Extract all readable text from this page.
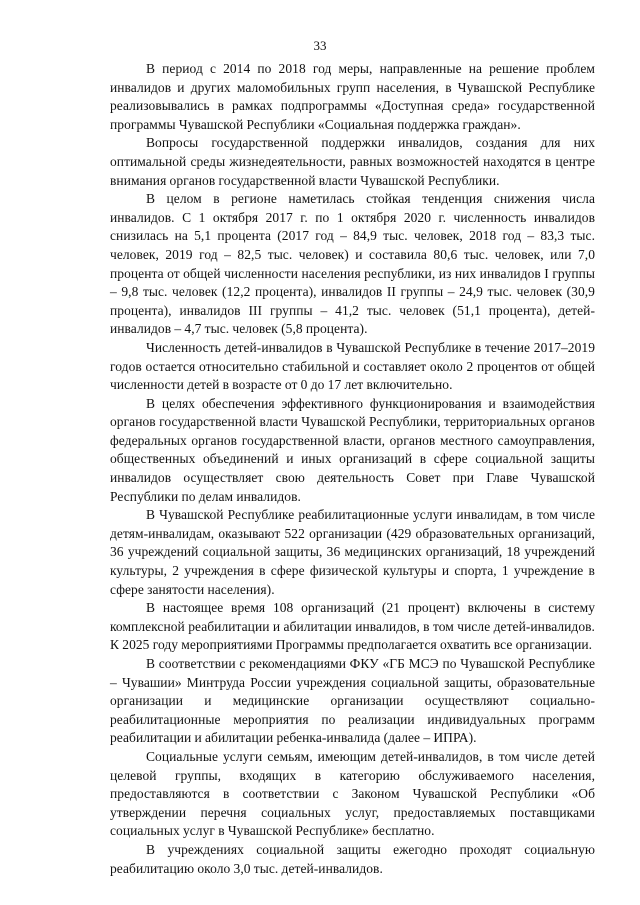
33

В период с 2014 по 2018 год меры, направленные на решение проблем инвалидов и других маломобильных групп населения, в Чувашской Республике реализовывались в рамках подпрограммы «Доступная среда» государственной программы Чувашской Республики «Социальная поддержка граждан».

Вопросы государственной поддержки инвалидов, создания для них оптимальной среды жизнедеятельности, равных возможностей находятся в центре внимания органов государственной власти Чувашской Республики.

В целом в регионе наметилась стойкая тенденция снижения числа инвалидов. С 1 октября 2017 г. по 1 октября 2020 г. численность инвалидов снизилась на 5,1 процента (2017 год – 84,9 тыс. человек, 2018 год – 83,3 тыс. человек, 2019 год – 82,5 тыс. человек) и составила 80,6 тыс. человек, или 7,0 процента от общей численности населения республики, из них инвалидов I группы – 9,8 тыс. человек (12,2 процента), инвалидов II группы – 24,9 тыс. человек (30,9 процента), инвалидов III группы – 41,2 тыс. человек (51,1 процента), детей-инвалидов – 4,7 тыс. человек (5,8 процента).

Численность детей-инвалидов в Чувашской Республике в течение 2017–2019 годов остается относительно стабильной и составляет около 2 процентов от общей численности детей в возрасте от 0 до 17 лет включительно.

В целях обеспечения эффективного функционирования и взаимодействия органов государственной власти Чувашской Республики, территориальных органов федеральных органов государственной власти, органов местного самоуправления, общественных объединений и иных организаций в сфере социальной защиты инвалидов осуществляет свою деятельность Совет при Главе Чувашской Республики по делам инвалидов.

В Чувашской Республике реабилитационные услуги инвалидам, в том числе детям-инвалидам, оказывают 522 организации (429 образовательных организаций, 36 учреждений социальной защиты, 36 медицинских организаций, 18 учреждений культуры, 2 учреждения в сфере физической культуры и спорта, 1 учреждение в сфере занятости населения).

В настоящее время 108 организаций (21 процент) включены в систему комплексной реабилитации и абилитации инвалидов, в том числе детей-инвалидов. К 2025 году мероприятиями Программы предполагается охватить все организации.

В соответствии с рекомендациями ФКУ «ГБ МСЭ по Чувашской Республике – Чувашии» Минтруда России учреждения социальной защиты, образовательные организации и медицинские организации осуществляют социально-реабилитационные мероприятия по реализации индивидуальных программ реабилитации и абилитации ребенка-инвалида (далее – ИПРА).

Социальные услуги семьям, имеющим детей-инвалидов, в том числе детей целевой группы, входящих в категорию обслуживаемого населения, предоставляются в соответствии с Законом Чувашской Республики «Об утверждении перечня социальных услуг, предоставляемых поставщиками социальных услуг в Чувашской Республике» бесплатно.

В учреждениях социальной защиты ежегодно проходят социальную реабилитацию около 3,0 тыс. детей-инвалидов.
